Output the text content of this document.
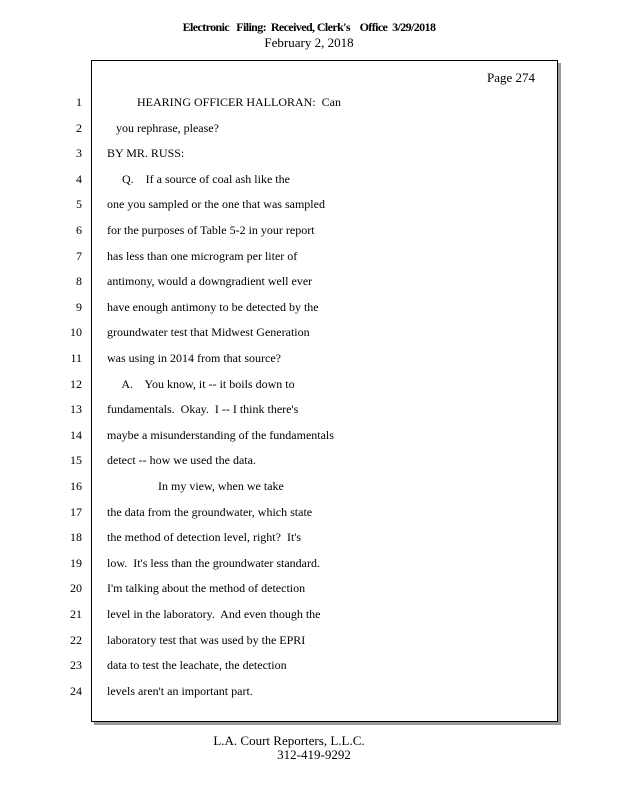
Electronic   Filing:  Received, Clerk's    Office  3/29/2018
February 2, 2018
Page 274
1 HEARING OFFICER HALLORAN:  Can
2 you rephrase, please?
3 BY MR. RUSS:
4 Q.    If a source of coal ash like the
5 one you sampled or the one that was sampled
6 for the purposes of Table 5-2 in your report
7 has less than one microgram per liter of
8 antimony, would a downgradient well ever
9 have enough antimony to be detected by the
10 groundwater test that Midwest Generation
11 was using in 2014 from that source?
12 A.    You know, it -- it boils down to
13 fundamentals.  Okay.  I -- I think there's
14 maybe a misunderstanding of the fundamentals
15 detect -- how we used the data.
16 In my view, when we take
17 the data from the groundwater, which state
18 the method of detection level, right?  It's
19 low.  It's less than the groundwater standard.
20 I'm talking about the method of detection
21 level in the laboratory.  And even though the
22 laboratory test that was used by the EPRI
23 data to test the leachate, the detection
24 levels aren't an important part.
L.A. Court Reporters, L.L.C.
312-419-9292
